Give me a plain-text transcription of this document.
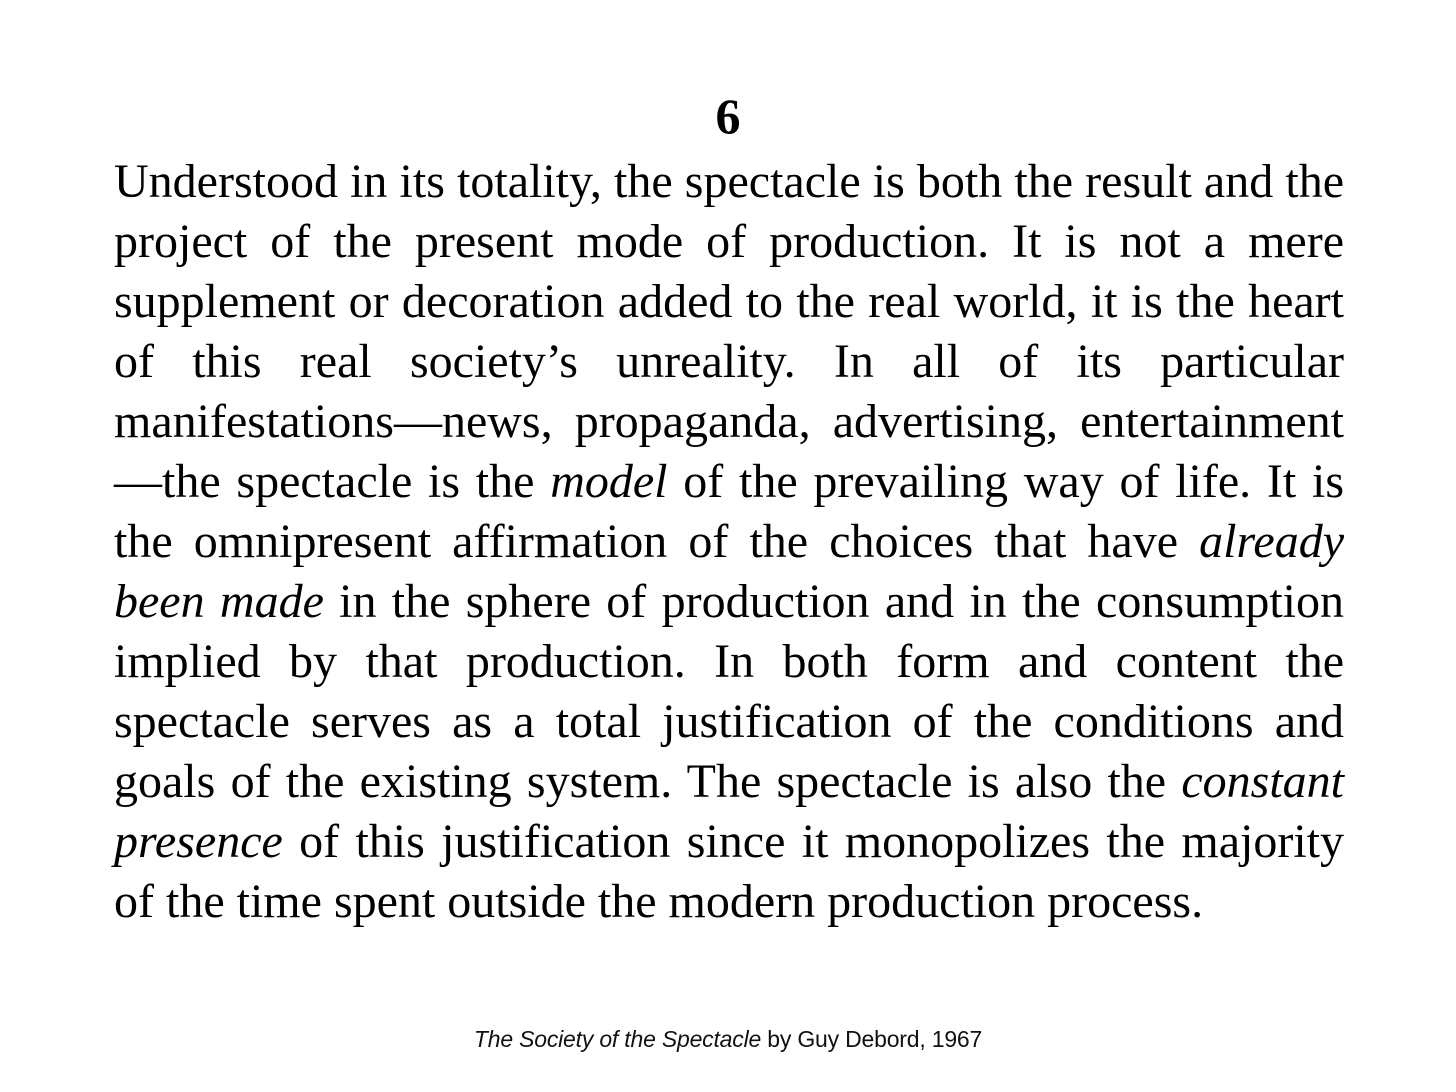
6

Understood in its totality, the spectacle is both the result and the project of the present mode of production. It is not a mere supplement or decoration added to the real world, it is the heart of this real society’s unreality. In all of its particular manifestations—news, propaganda, advertising, entertainment—the spectacle is the model of the prevailing way of life. It is the omnipresent affirmation of the choices that have already been made in the sphere of production and in the consumption implied by that production. In both form and content the spectacle serves as a total justification of the conditions and goals of the existing system. The spectacle is also the constant presence of this justification since it monopolizes the majority of the time spent outside the modern production process.

The Society of the Spectacle by Guy Debord, 1967
